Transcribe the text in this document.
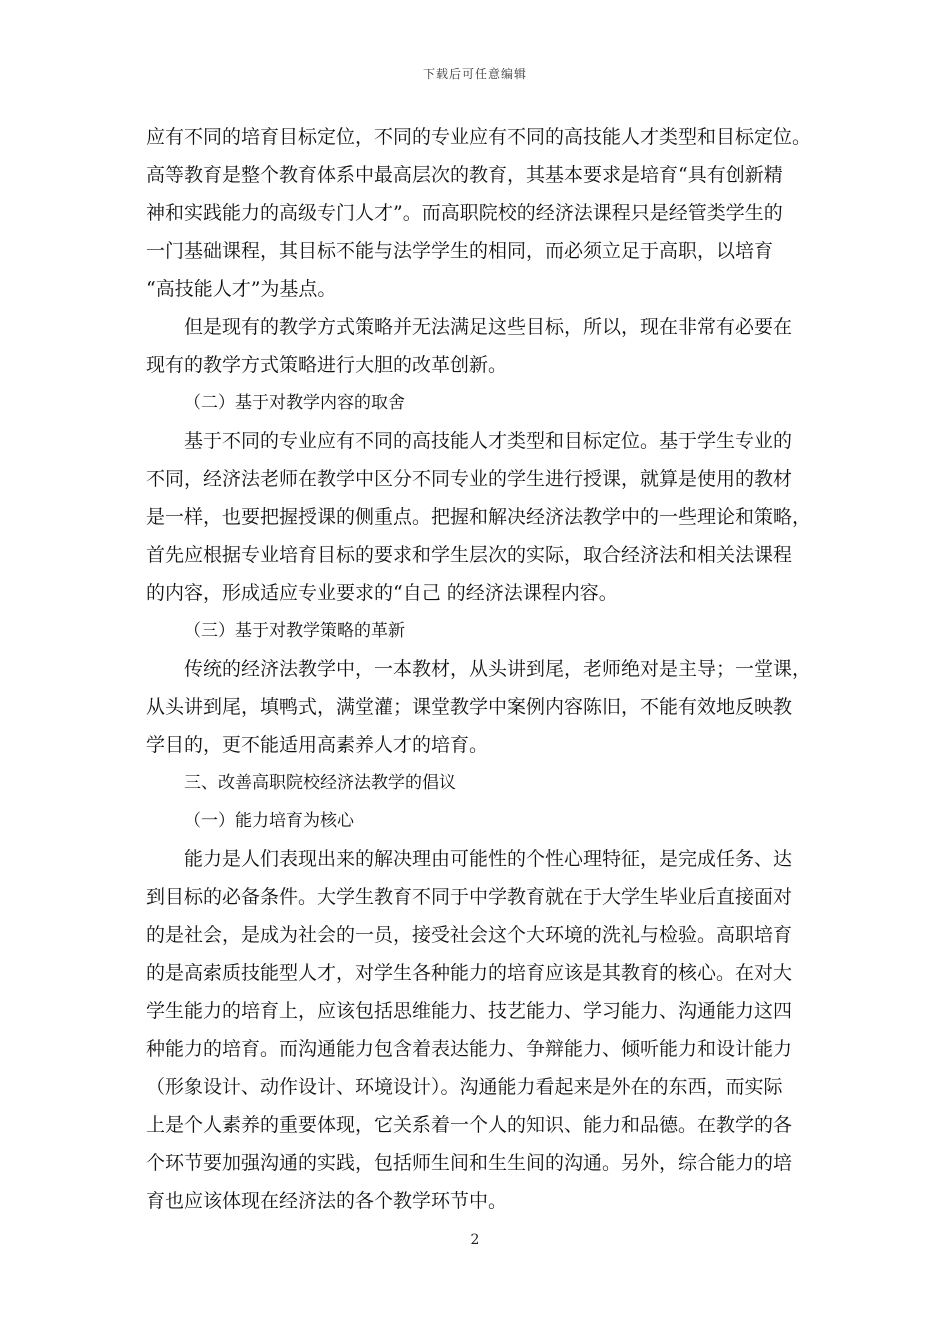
下载后可任意编辑
应有不同的培育目标定位，不同的专业应有不同的高技能人才类型和目标定位。
高等教育是整个教育体系中最高层次的教育，其基本要求是培育“具有创新精
神和实践能力的高级专门人才”。而高职院校的经济法课程只是经管类学生的
一门基础课程，其目标不能与法学学生的相同，而必须立足于高职，以培育
“高技能人才”为基点。
但是现有的教学方式策略并无法满足这些目标，所以，现在非常有必要在
现有的教学方式策略进行大胆的改革创新。
（二）基于对教学内容的取舍
基于不同的专业应有不同的高技能人才类型和目标定位。基于学生专业的
不同，经济法老师在教学中区分不同专业的学生进行授课，就算是使用的教材
是一样，也要把握授课的侧重点。把握和解决经济法教学中的一些理论和策略，
首先应根据专业培育目标的要求和学生层次的实际，取合经济法和相关法课程
的内容，形成适应专业要求的“自己 的经济法课程内容。
（三）基于对教学策略的革新
传统的经济法教学中，一本教材，从头讲到尾，老师绝对是主导；一堂课，
从头讲到尾，填鸭式，满堂灌；课堂教学中案例内容陈旧，不能有效地反映教
学目的，更不能适用高素养人才的培育。
三、改善高职院校经济法教学的倡议
（一）能力培育为核心
能力是人们表现出来的解决理由可能性的个性心理特征，是完成任务、达
到目标的必备条件。大学生教育不同于中学教育就在于大学生毕业后直接面对
的是社会，是成为社会的一员，接受社会这个大环境的洗礼与检验。高职培育
的是高索质技能型人才，对学生各种能力的培育应该是其教育的核心。在对大
学生能力的培育上，应该包括思维能力、技艺能力、学习能力、沟通能力这四
种能力的培育。而沟通能力包含着表达能力、争辩能力、倾听能力和设计能力
（形象设计、动作设计、环境设计）。沟通能力看起来是外在的东西，而实际
上是个人素养的重要体现，它关系着一个人的知识、能力和品德。在教学的各
个环节要加强沟通的实践，包括师生间和生生间的沟通。另外，综合能力的培
育也应该体现在经济法的各个教学环节中。
2
